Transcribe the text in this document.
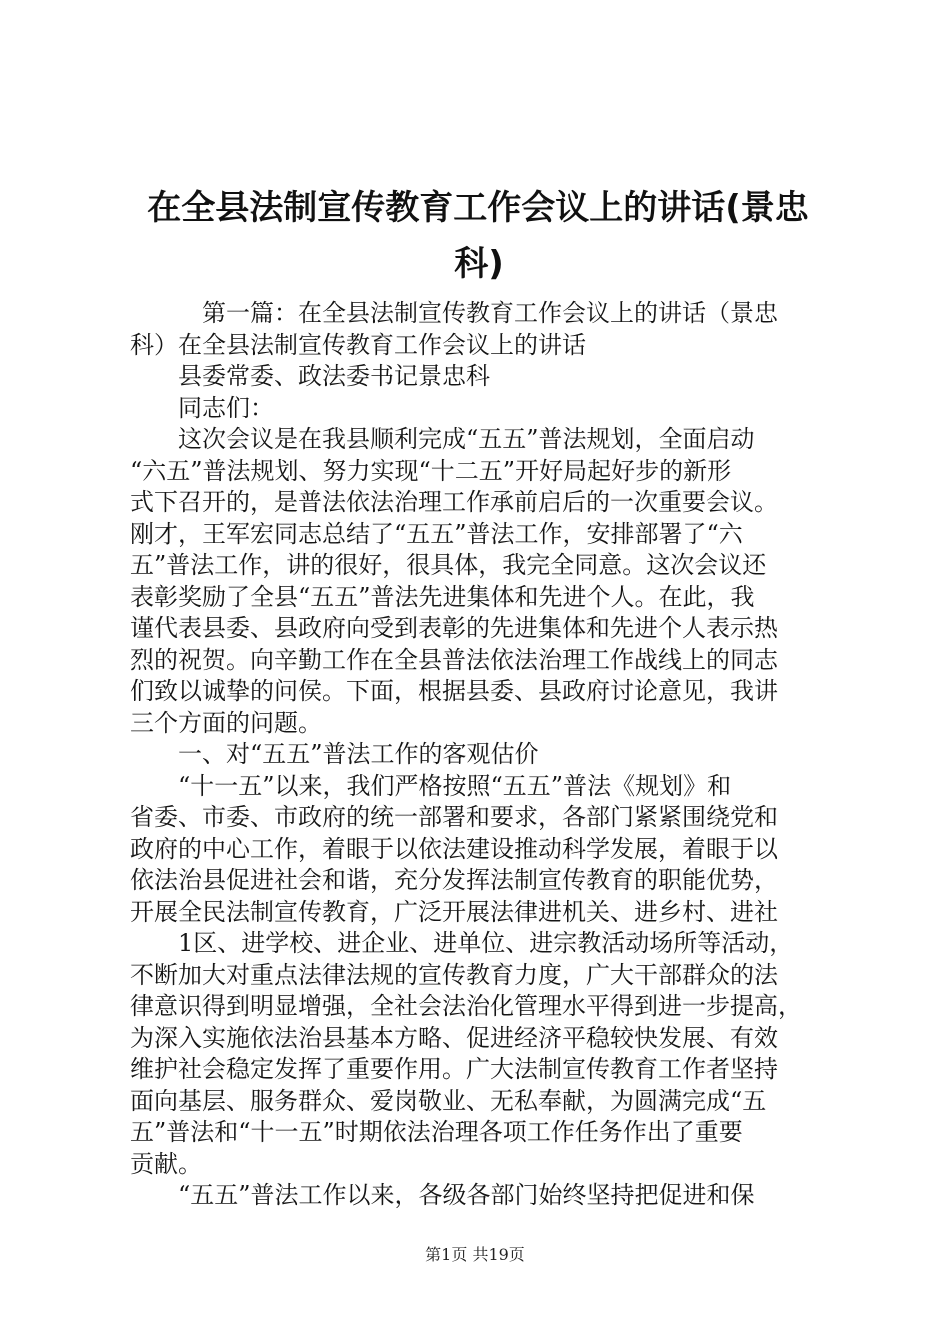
在全县法制宣传教育工作会议上的讲话(景忠
科)
　第一篇：在全县法制宣传教育工作会议上的讲话（景忠
科）在全县法制宣传教育工作会议上的讲话
县委常委、政法委书记景忠科
同志们：
这次会议是在我县顺利完成“五五”普法规划，全面启动
“六五”普法规划、努力实现“十二五”开好局起好步的新形
式下召开的，是普法依法治理工作承前启后的一次重要会议。
刚才，王军宏同志总结了“五五”普法工作，安排部署了“六
五”普法工作，讲的很好，很具体，我完全同意。这次会议还
表彰奖励了全县“五五”普法先进集体和先进个人。在此，我
谨代表县委、县政府向受到表彰的先进集体和先进个人表示热
烈的祝贺。向辛勤工作在全县普法依法治理工作战线上的同志
们致以诚挚的问侯。下面，根据县委、县政府讨论意见，我讲
三个方面的问题。
一、对“五五”普法工作的客观估价
“十一五”以来，我们严格按照“五五”普法《规划》和
省委、市委、市政府的统一部署和要求，各部门紧紧围绕党和
政府的中心工作，着眼于以依法建设推动科学发展，着眼于以
依法治县促进社会和谐，充分发挥法制宣传教育的职能优势，
开展全民法制宣传教育，广泛开展法律进机关、进乡村、进社
1区、进学校、进企业、进单位、进宗教活动场所等活动，
不断加大对重点法律法规的宣传教育力度，广大干部群众的法
律意识得到明显增强，全社会法治化管理水平得到进一步提高，
为深入实施依法治县基本方略、促进经济平稳较快发展、有效
维护社会稳定发挥了重要作用。广大法制宣传教育工作者坚持
面向基层、服务群众、爱岗敬业、无私奉献，为圆满完成“五
五”普法和“十一五”时期依法治理各项工作任务作出了重要
贡献。
“五五”普法工作以来，各级各部门始终坚持把促进和保
第1页 共19页
